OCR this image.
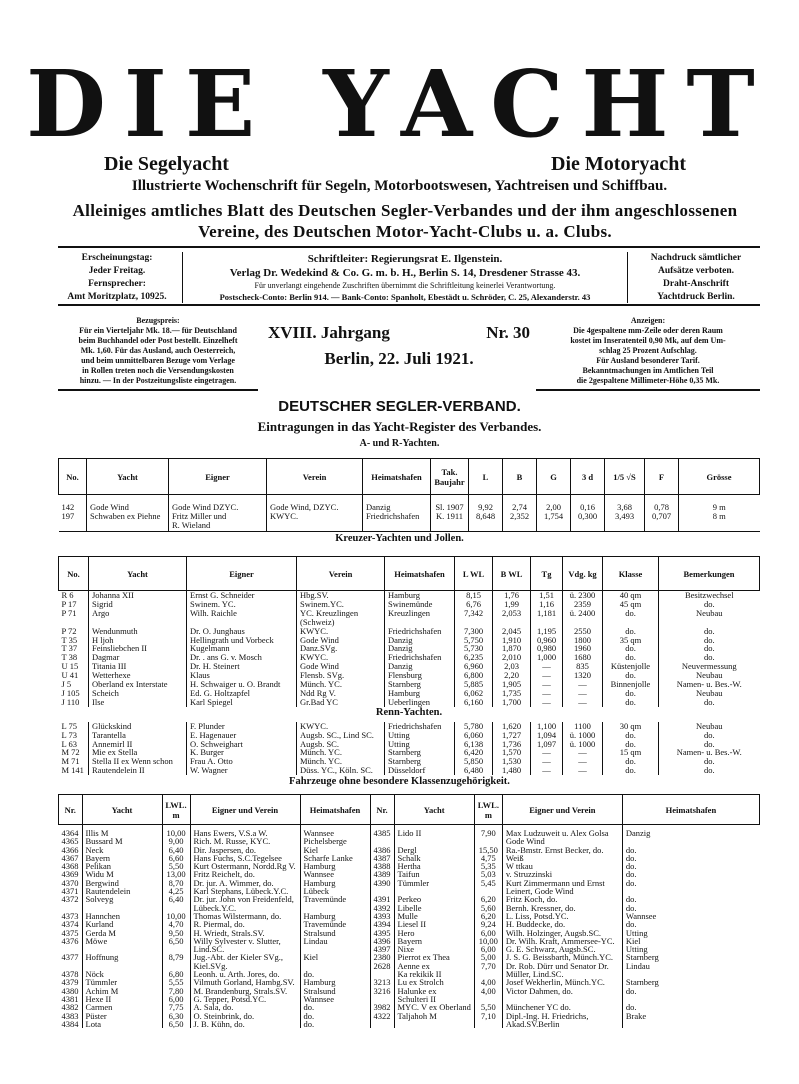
DIE YACHT
Die Segelyacht	Die Motoryacht
Illustrierte Wochenschrift für Segeln, Motorbootswesen, Yachtreisen und Schiffbau.
Alleiniges amtliches Blatt des Deutschen Segler-Verbandes und der ihm angeschlossenen Vereine, des Deutschen Motor-Yacht-Clubs u. a. Clubs.
Erscheinungstag:
Jeder Freitag.
Fernsprecher:
Amt Moritzplatz, 10925.
Schriftleiter: Regierungsrat E. Ilgenstein.
Verlag Dr. Wedekind & Co. G. m. b. H., Berlin S. 14, Dresdener Strasse 43.
Für unverlangt eingehende Zuschriften übernimmt die Schriftleitung keinerlei Verantwortung.
Postscheck-Conto: Berlin 914. — Bank-Conto: Spanholt, Ebestädt u. Schröder, C. 25, Alexanderstr. 43
Nachdruck sämtlicher
Aufsätze verboten.
Draht-Anschrift
Yachtdruck Berlin.
Bezugspreis:
Für ein Vierteljahr Mk. 18.— für Deutschland
beim Buchhandel oder Post bestellt. Einzelheft
Mk. 1,60. Für das Ausland, auch Oesterreich,
und beim unmittelbaren Bezuge vom Verlage
in Rollen treten noch die Versendungskosten
hinzu. — In der Postzeitungsliste eingetragen.
XVIII. Jahrgang	Nr. 30
Berlin, 22. Juli 1921.
Anzeigen:
Die 4gespaltene mm-Zeile oder deren Raum
kostet im Inseratenteil 0,90 Mk, auf dem Um-
schlag 25 Prozent Aufschlag.
Für Ausland besonderer Tarif.
Bekanntmachungen im Amtlichen Teil
die 2gespaltene Millimeter-Höhe 0,35 Mk.
DEUTSCHER SEGLER-VERBAND.
Eintragungen in das Yacht-Register des Verbandes.
A- und R-Yachten.
No.	Yacht	Eigner	Verein	Heimatshafen	Tak. Baujahr	L	B	G	3 d	1/5 √S	F	Grösse
142	Gode Wind	Gode Wind DZYC.	Gode Wind, DZYC.	Danzig	Sl. 1907	9,92	2,74	2,00	0,16	3,68	0,78	9 m
197	Schwaben ex Piehne	Fritz Miller und	KWYC.	Friedrichshafen	K. 1911	8,648	2,352	1,754	0,300	3,493	0,707	8 m
		R. Wieland										
Kreuzer-Yachten und Jollen.
No.	Yacht	Eigner	Verein	Heimatshafen	L WL	B WL	Tg	Vdg. kg	Klasse	Bemerkungen
R 6	Johanna XII	Ernst G. Schneider	Hbg.SV.	Hamburg	8,15	1,76	1,51	ü. 2300	40 qm	Besitzwechsel
P 17	Sigrid	Swinem. YC.	Swinem.YC.	Swinemünde	6,76	1,99	1,16	2359	45 qm	do.
P 71	Argo	Wilh. Raichle	YC. Kreuzlingen	Kreuzlingen	7,342	2,053	1,181	ü. 2400	do.	Neubau
			(Schweiz)							
P 72	Wendunmuth	Dr. O. Junghaus	KWYC.	Friedrichshafen	7,300	2,045	1,195	2550	do.	do.
T 35	H ljoh	Hellingrath und Vorbeck	Gode Wind	Danzig	5,750	1,910	0,960	1800	35 qm	do.
T 37	Feinsliebchen II	Kugelmann	Danz.SVg.	Danzig	5,730	1,870	0,980	1960	do.	do.
T 38	Dagmar	Dr. . ans G. v. Mosch	KWYC.	Friedrichshafen	6,235	2,010	1,000	1680	do.	do.
U 15	Titania III	Dr. H. Steinert	Gode Wind	Danzig	6,960	2,03	—	835	Küstenjolle	Neuvermessung
U 41	Wetterhexe	Klaus	Flensb. SVg.	Flensburg	6,800	2,20	—	1320	do.	Neubau
J 5	Oberland ex Interstate	H. Schwaiger u. O. Brandt	Münch. YC.	Starnberg	5,885	1,905	—	—	Binnenjolle	Namen- u. Bes.-W.
J 105	Scheich	Ed. G. Holtzapfel	Ndd Rg V.	Hamburg	6,062	1,735	—	—	do.	Neubau
J 110	Ilse	Karl Spiegel	Gr.Bad YC	Ueberlingen	6,160	1,700	—	—	do.	do.
Renn-Yachten.										
L 75	Glückskind	F. Plunder	KWYC.	Friedrichshafen	5,780	1,620	1,100	1100	30 qm	Neubau
L 73	Tarantella	E. Hagenauer	Augsb. SC., Lind SC.	Utting	6,060	1,727	1,094	ü. 1000	do.	do.
L 63	Annemirl II	O. Schweighart	Augsb. SC.	Utting	6,138	1,736	1,097	ü. 1000	do.	do.
M 72	Mie ex Stella	K. Burger	Münch. YC.	Starnberg	6,420	1,570	—	—	15 qm	Namen- u. Bes.-W.
M 71	Stella II ex Wenn schon	Frau A. Otto	Münch. YC.	Starnberg	5,850	1,530	—	—	do.	do.
M 141	Rautendelein II	W. Wagner	Düss. YC., Köln. SC.	Düsseldorf	6,480	1,480	—	—	do.	do.
Fahrzeuge ohne besondere Klassenzugehörigkeit.
Nr.	Yacht	LWL. m	Eigner und Verein	Heimatshafen	Nr.	Yacht	LWL. m	Eigner und Verein	Heimatshafen
4364	Illis M	10,00	Hans Ewers, V.S.a W.	Wannsee	4385	Lido II	7,90	Max Ludzuweit u. Alex Golsa	Danzig
4365	Bussard M	9,00	Rich. M. Russe, KYC.	Pichelsberge				Gode Wind	
4366	Neck	6,40	Dir. Jaspersen, do.	Kiel	4386	Dergl	15,50	Ra.-Bmstr. Ernst Becker, do.	do.
4367	Bayern	6,60	Hans Fuchs, S.C.Tegelsee	Scharfe Lanke	4387	Schalk	4,75	Weiß	do.
4368	Pelikan	5,50	Kurt Ostermann, Nordd.Rg V.	Hamburg	4388	Hertha	5,35	W ttkau	do.
4369	Widu M	13,00	Fritz Reichelt, do.	Wannsee	4389	Taifun	5,03	v. Struzzinski	do.
4370	Bergwind	8,70	Dr. jur. A. Wimmer, do.	Hamburg	4390	Tümmler	5,45	Kurt Zimmermann und Ernst	do.
4371	Rautendelein	4,25	Karl Stephans, Lübeck.Y.C.	Lübeck				Leinert, Gode Wind	
4372	Solveyg	6,40	Dr. jur. John von Freidenfeld,	Travemünde	4391	Perkeo	6,20	Fritz Koch, do.	do.
			Lübeck.Y.C.		4392	Libelle	5,60	Bernh. Kressner, do.	do.
4373	Hannchen	10,00	Thomas Wilstermann, do.	Hamburg	4393	Mulle	6,20	L. Liss, Potsd.YC.	Wannsee
4374	Kurland	4,70	R. Piermal, do.	Travemünde	4394	Liesel II	9,24	H. Buddecke, do.	do.
4375	Gerda M	9,50	H. Wriedt, Strals.SV.	Stralsund	4395	Hero	6,00	Wilh. Holzinger, Augsb.SC.	Utting
4376	Möwe	6,50	Willy Sylvester v. Slutter,	Lindau	4396	Bayern	10,00	Dr. Wilh. Kraft, Ammersee-YC.	Kiel
			Lind.SC.		4397	Nixe	6,00	G. E. Schwarz, Augsb.SC.	Utting
4377	Hoffnung	8,79	Jug.-Abt. der Kieler SVg.,	Kiel	2380	Pierrot ex Thea	5,00	J. S. G. Beissbarth, Münch.YC.	Starnberg
			Kiel.SVg.		2628	Aenne ex	7,70	Dr. Rob. Dürr und Senator Dr.	Lindau
4378	Nöck	6,80	Leonh. u. Arth. Jores, do.	do.		Ka rekikik II		Müller, Lind.SC.	
4379	Tümmler	5,55	Vilmuth Gorland, Hambg.SV.	Hamburg	3213	Lu ex Strolch	4,00	Josef Wekherlin, Münch.YC.	Starnberg
4380	Achim M	7,80	M. Brandenburg, Strals.SV.	Stralsund	3216	Halunke ex	4,00	Victor Dahmen, do.	do.
4381	Hexe II	6,00	G. Tepper, Potsd.YC.	Wannsee		Schulteri II			
4382	Carmen	7,75	A. Sala, do.	do.	3982	MYC. V ex Oberland	5,50	Münchener YC do.	do.
4383	Püster	6,30	O. Steinbrink, do.	do.	4322	Taljahoh M	7,10	Dipl.-Ing. H. Friedrichs,	Brake
4384	Lota	6,50	J. B. Kühn, do.	do.				Akad.SV.Berlin	
